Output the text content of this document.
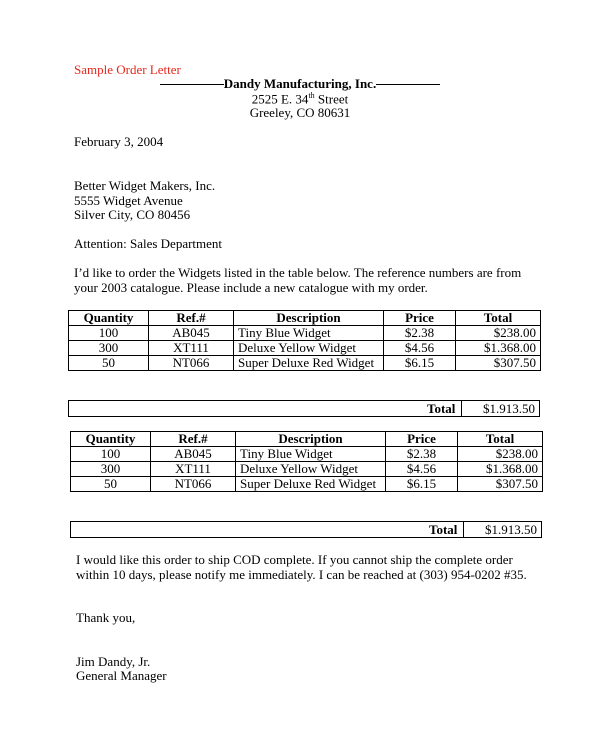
Sample Order Letter
Dandy Manufacturing, Inc.
2525 E. 34th Street
Greeley, CO 80631
February 3, 2004
Better Widget Makers, Inc.
5555 Widget Avenue
Silver City, CO 80456
Attention: Sales Department
I’d like to order the Widgets listed in the table below. The reference numbers are from
your 2003 catalogue. Please include a new catalogue with my order.
Quantity	Ref.#	Description	Price	Total
100	AB045	Tiny Blue Widget	$2.38	$238.00
300	XT111	Deluxe Yellow Widget	$4.56	$1.368.00
50	NT066	Super Deluxe Red Widget	$6.15	$307.50
Total $1.913.50
Quantity	Ref.#	Description	Price	Total
100	AB045	Tiny Blue Widget	$2.38	$238.00
300	XT111	Deluxe Yellow Widget	$4.56	$1.368.00
50	NT066	Super Deluxe Red Widget	$6.15	$307.50
Total $1.913.50
I would like this order to ship COD complete. If you cannot ship the complete order
within 10 days, please notify me immediately. I can be reached at (303) 954-0202 #35.
Thank you,
Jim Dandy, Jr.
General Manager
